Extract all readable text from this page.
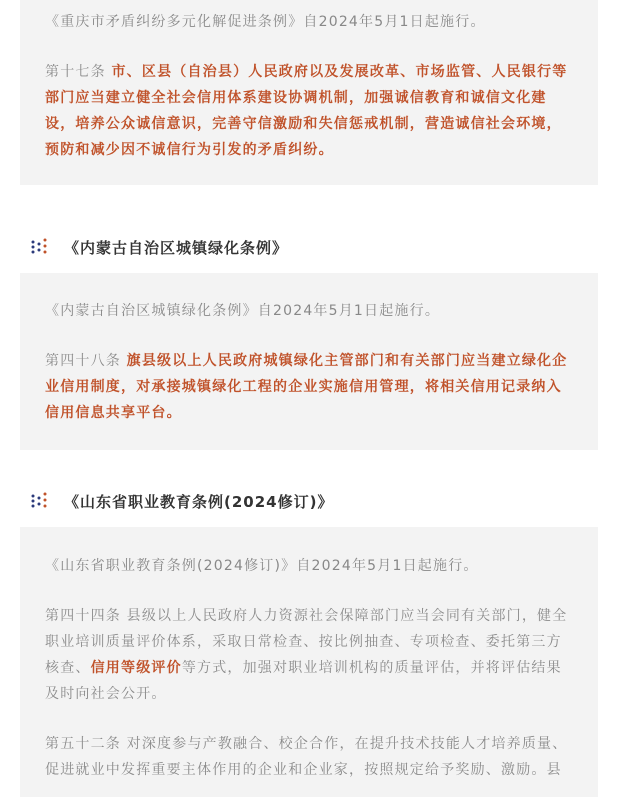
《重庆市矛盾纠纷多元化解促进条例》自2024年5月1日起施行。

第十七条 市、区县（自治县）人民政府以及发展改革、市场监管、人民银行等部门应当建立健全社会信用体系建设协调机制，加强诚信教育和诚信文化建设，培养公众诚信意识，完善守信激励和失信惩戒机制，营造诚信社会环境，预防和减少因不诚信行为引发的矛盾纠纷。

《内蒙古自治区城镇绿化条例》

《内蒙古自治区城镇绿化条例》自2024年5月1日起施行。

第四十八条 旗县级以上人民政府城镇绿化主管部门和有关部门应当建立绿化企业信用制度，对承接城镇绿化工程的企业实施信用管理，将相关信用记录纳入信用信息共享平台。

《山东省职业教育条例(2024修订)》

《山东省职业教育条例(2024修订)》自2024年5月1日起施行。

第四十四条 县级以上人民政府人力资源社会保障部门应当会同有关部门，健全职业培训质量评价体系，采取日常检查、按比例抽查、专项检查、委托第三方核查、信用等级评价等方式，加强对职业培训机构的质量评估，并将评估结果及时向社会公开。

第五十二条 对深度参与产教融合、校企合作，在提升技术技能人才培养质量、促进就业中发挥重要主体作用的企业和企业家，按照规定给予奖励、激励。县
